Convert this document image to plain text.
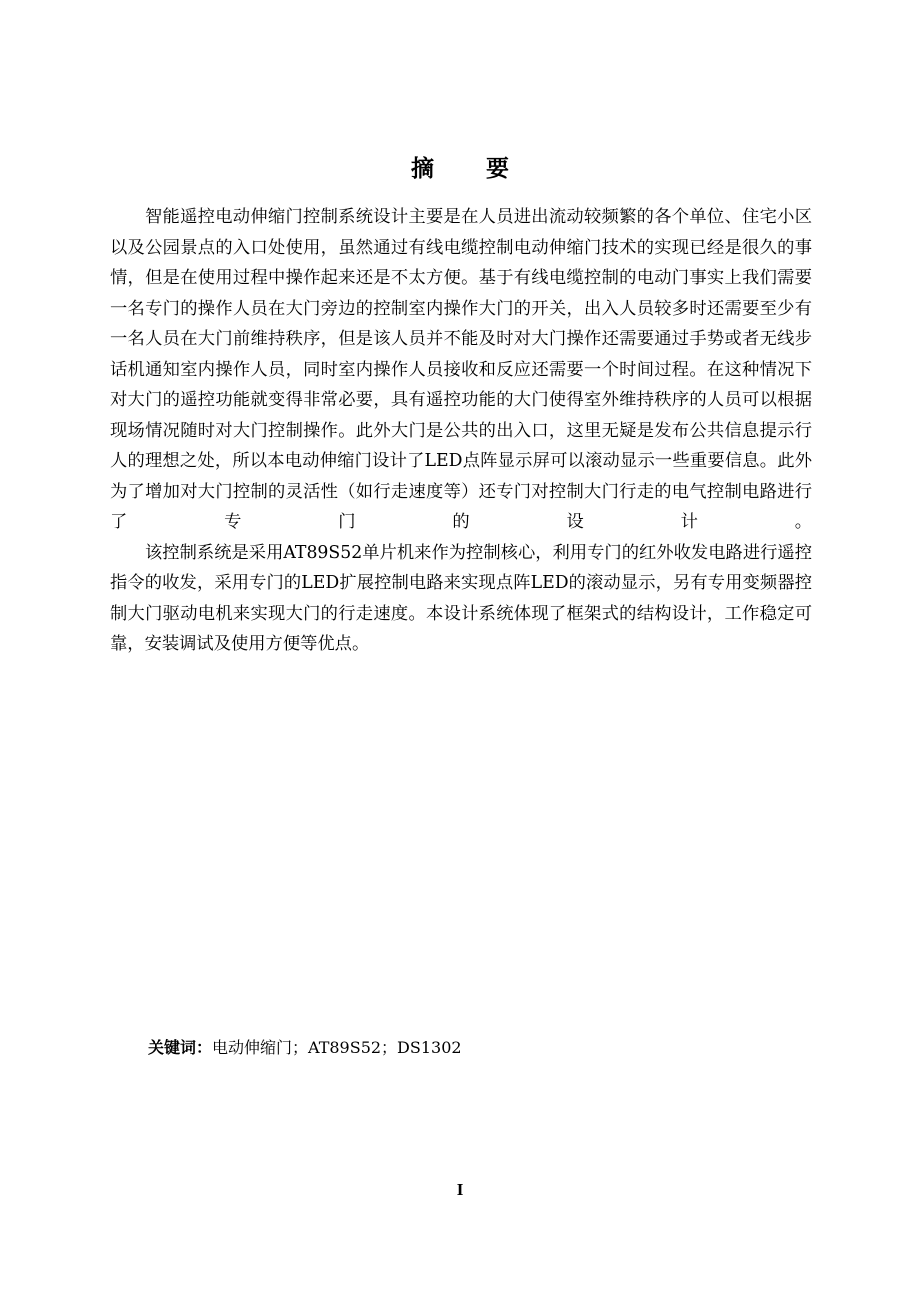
摘 要

智能遥控电动伸缩门控制系统设计主要是在人员进出流动较频繁的各个单位、住宅小区以及公园景点的入口处使用，虽然通过有线电缆控制电动伸缩门技术的实现已经是很久的事情，但是在使用过程中操作起来还是不太方便。基于有线电缆控制的电动门事实上我们需要一名专门的操作人员在大门旁边的控制室内操作大门的开关，出入人员较多时还需要至少有一名人员在大门前维持秩序，但是该人员并不能及时对大门操作还需要通过手势或者无线步话机通知室内操作人员，同时室内操作人员接收和反应还需要一个时间过程。在这种情况下对大门的遥控功能就变得非常必要，具有遥控功能的大门使得室外维持秩序的人员可以根据现场情况随时对大门控制操作。此外大门是公共的出入口，这里无疑是发布公共信息提示行人的理想之处，所以本电动伸缩门设计了LED点阵显示屏可以滚动显示一些重要信息。此外为了增加对大门控制的灵活性（如行走速度等）还专门对控制大门行走的电气控制电路进行了专门的设计。

该控制系统是采用AT89S52单片机来作为控制核心，利用专门的红外收发电路进行遥控指令的收发，采用专门的LED扩展控制电路来实现点阵LED的滚动显示，另有专用变频器控制大门驱动电机来实现大门的行走速度。本设计系统体现了框架式的结构设计，工作稳定可靠，安装调试及使用方便等优点。

关键词：电动伸缩门；AT89S52；DS1302
I
